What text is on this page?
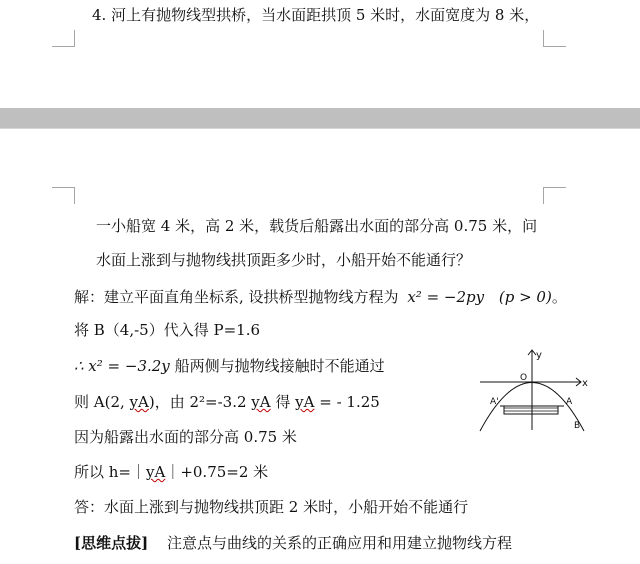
4. 河上有抛物线型拱桥，当水面距拱顶 5 米时，水面宽度为 8 米，
一小船宽 4 米，高 2 米，载货后船露出水面的部分高 0.75 米，问
水面上涨到与抛物线拱顶距多少时，小船开始不能通行？
解：建立平面直角坐标系, 设拱桥型抛物线方程为 x² = −2py (p > 0)。
将 B（4,-5）代入得 P=1.6
∴ x² = −3.2y 船两侧与抛物线接触时不能通过
则 A(2, yA)，由 2²=-3.2 yA 得 yA = - 1.25
因为船露出水面的部分高 0.75 米
所以 h=｜yA｜+0.75=2 米
答：水面上涨到与抛物线拱顶距 2 米时，小船开始不能通行
[思维点拔] 注意点与曲线的关系的正确应用和用建立抛物线方程
y
x
O
A'	A
B
